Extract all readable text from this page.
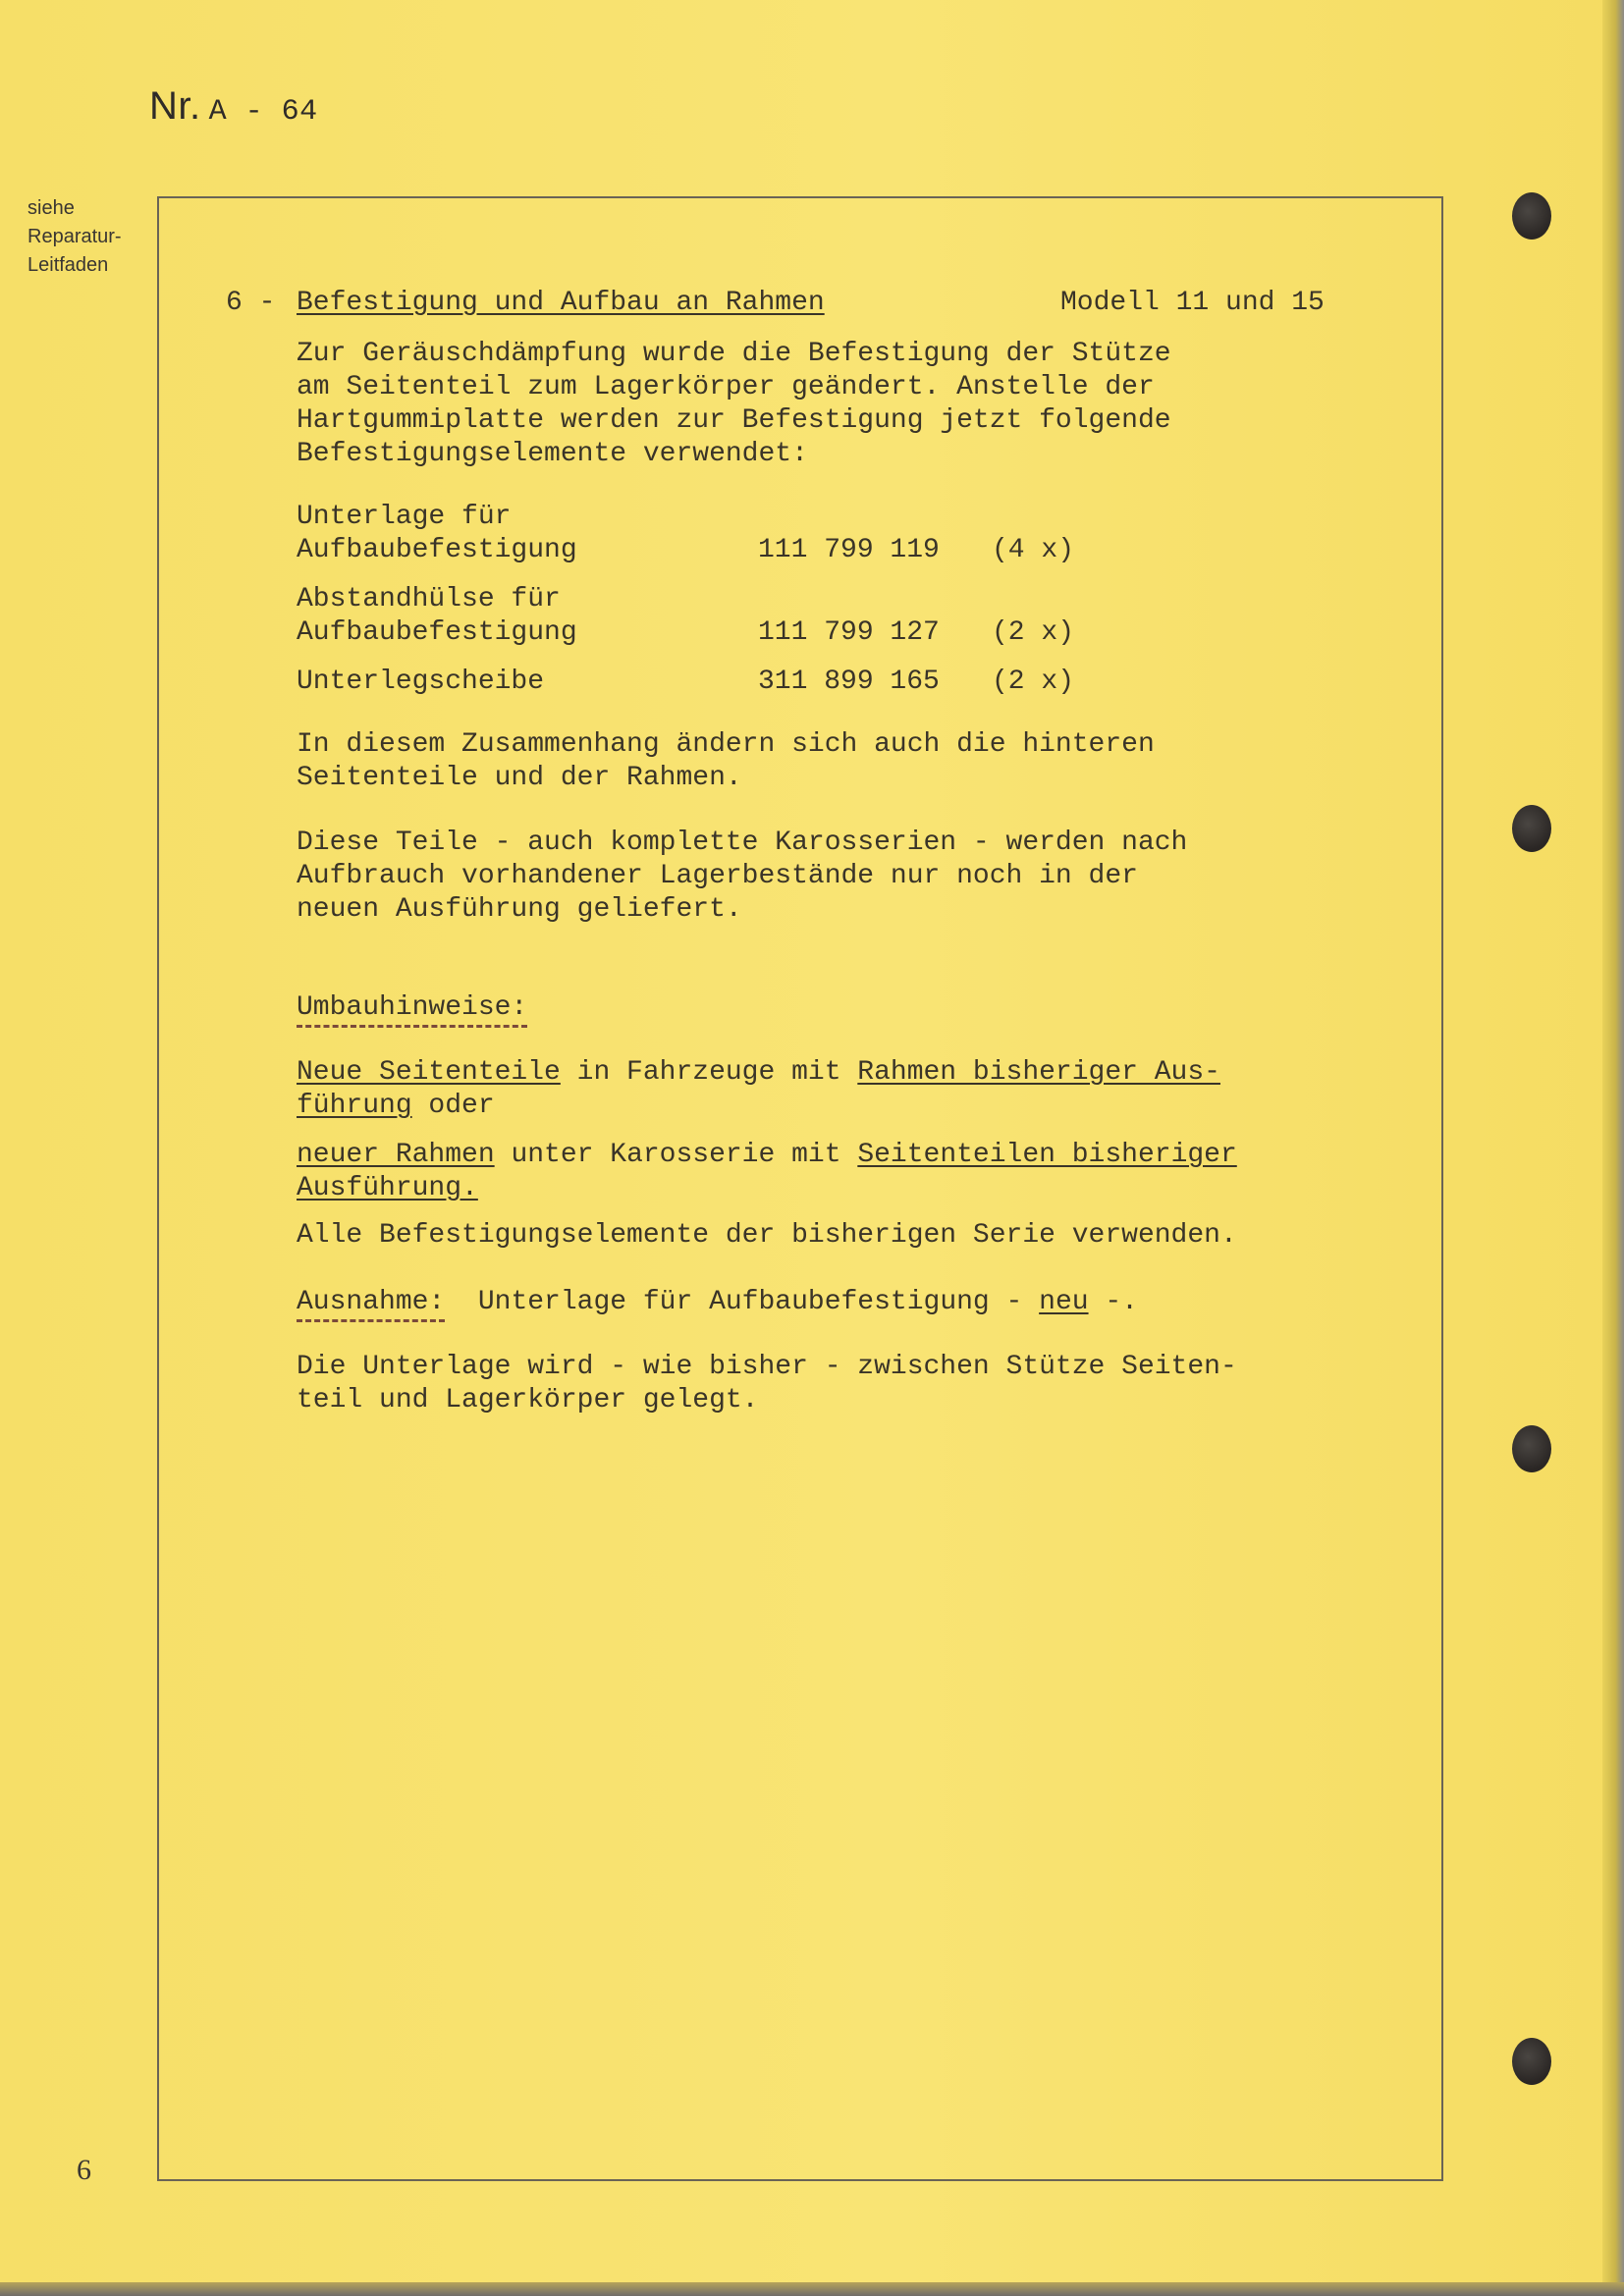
Nr. A - 64
siehe
Reparatur-
Leitfaden
6 - Befestigung und Aufbau an Rahmen	Modell 11 und 15
Zur Geräuschdämpfung wurde die Befestigung der Stütze
am Seitenteil zum Lagerkörper geändert. Anstelle der
Hartgummiplatte werden zur Befestigung jetzt folgende
Befestigungselemente verwendet:
Unterlage für
Aufbaubefestigung	111 799 119 (4 x)
Abstandhülse für
Aufbaubefestigung	111 799 127 (2 x)
Unterlegscheibe	311 899 165 (2 x)
In diesem Zusammenhang ändern sich auch die hinteren
Seitenteile und der Rahmen.
Diese Teile - auch komplette Karosserien - werden nach
Aufbrauch vorhandener Lagerbestände nur noch in der
neuen Ausführung geliefert.
Umbauhinweise:
Neue Seitenteile in Fahrzeuge mit Rahmen bisheriger Aus-
führung oder
neuer Rahmen unter Karosserie mit Seitenteilen bisheriger
Ausführung.
Alle Befestigungselemente der bisherigen Serie verwenden.
Ausnahme:  Unterlage für Aufbaubefestigung - neu -.
Die Unterlage wird - wie bisher - zwischen Stütze Seiten-
teil und Lagerkörper gelegt.
6
